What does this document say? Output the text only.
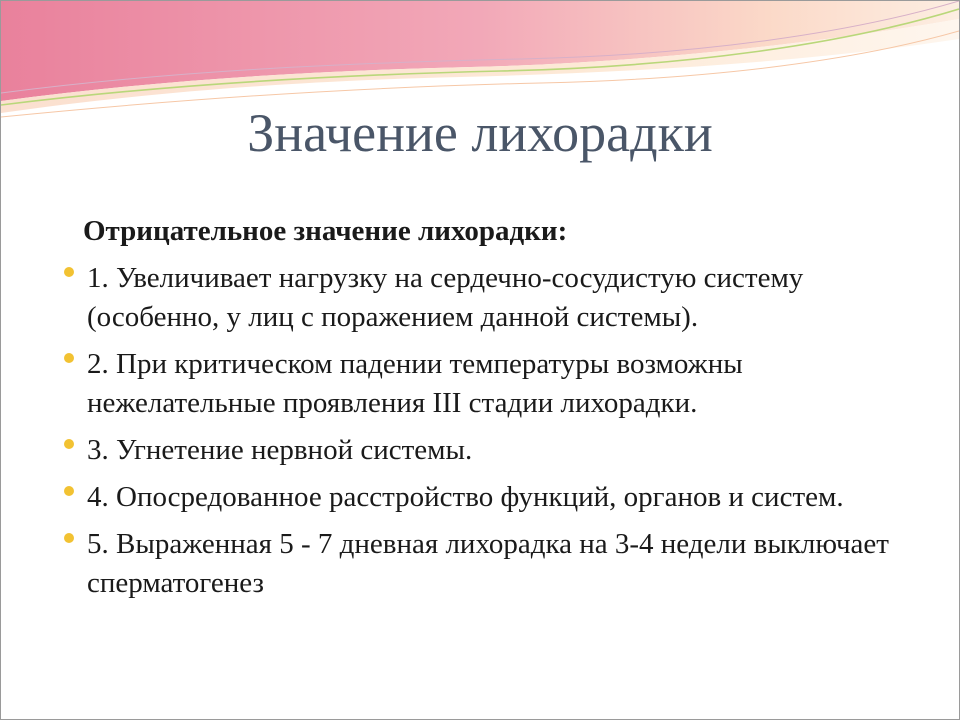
Значение лихорадки
Отрицательное значение лихорадки:
1. Увеличивает нагрузку на сердечно-сосудистую систему (особенно, у лиц с поражением данной системы).
2. При критическом падении температуры возможны нежелательные проявления III стадии лихорадки.
3. Угнетение нервной системы.
4. Опосредованное расстройство функций, органов и систем.
5. Выраженная 5 - 7 дневная лихорадка на 3-4 недели выключает сперматогенез
